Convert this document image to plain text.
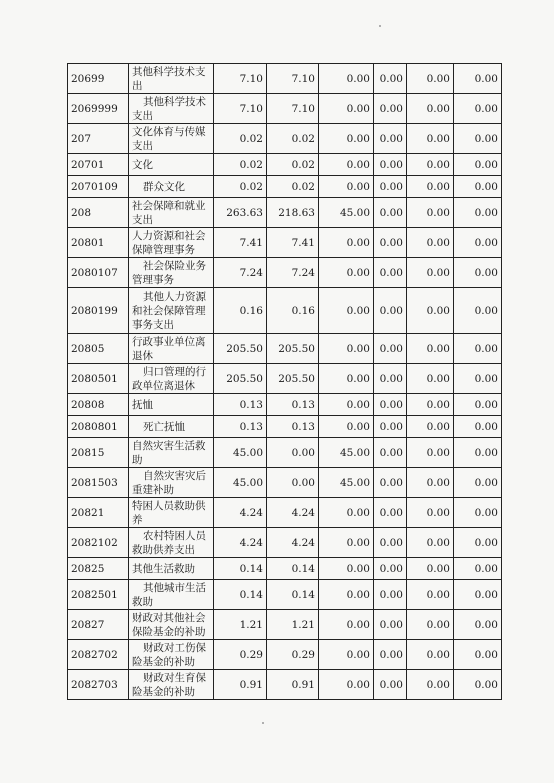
20699	其他科学技术支出	7.10	7.10	0.00	0.00	0.00	0.00
2069999	其他科学技术支出	7.10	7.10	0.00	0.00	0.00	0.00
207	文化体育与传媒支出	0.02	0.02	0.00	0.00	0.00	0.00
20701	文化	0.02	0.02	0.00	0.00	0.00	0.00
2070109	群众文化	0.02	0.02	0.00	0.00	0.00	0.00
208	社会保障和就业支出	263.63	218.63	45.00	0.00	0.00	0.00
20801	人力资源和社会保障管理事务	7.41	7.41	0.00	0.00	0.00	0.00
2080107	社会保险业务管理事务	7.24	7.24	0.00	0.00	0.00	0.00
2080199	其他人力资源和社会保障管理事务支出	0.16	0.16	0.00	0.00	0.00	0.00
20805	行政事业单位离退休	205.50	205.50	0.00	0.00	0.00	0.00
2080501	归口管理的行政单位离退休	205.50	205.50	0.00	0.00	0.00	0.00
20808	抚恤	0.13	0.13	0.00	0.00	0.00	0.00
2080801	死亡抚恤	0.13	0.13	0.00	0.00	0.00	0.00
20815	自然灾害生活救助	45.00	0.00	45.00	0.00	0.00	0.00
2081503	自然灾害灾后重建补助	45.00	0.00	45.00	0.00	0.00	0.00
20821	特困人员救助供养	4.24	4.24	0.00	0.00	0.00	0.00
2082102	农村特困人员救助供养支出	4.24	4.24	0.00	0.00	0.00	0.00
20825	其他生活救助	0.14	0.14	0.00	0.00	0.00	0.00
2082501	其他城市生活救助	0.14	0.14	0.00	0.00	0.00	0.00
20827	财政对其他社会保险基金的补助	1.21	1.21	0.00	0.00	0.00	0.00
2082702	财政对工伤保险基金的补助	0.29	0.29	0.00	0.00	0.00	0.00
2082703	财政对生育保险基金的补助	0.91	0.91	0.00	0.00	0.00	0.00
